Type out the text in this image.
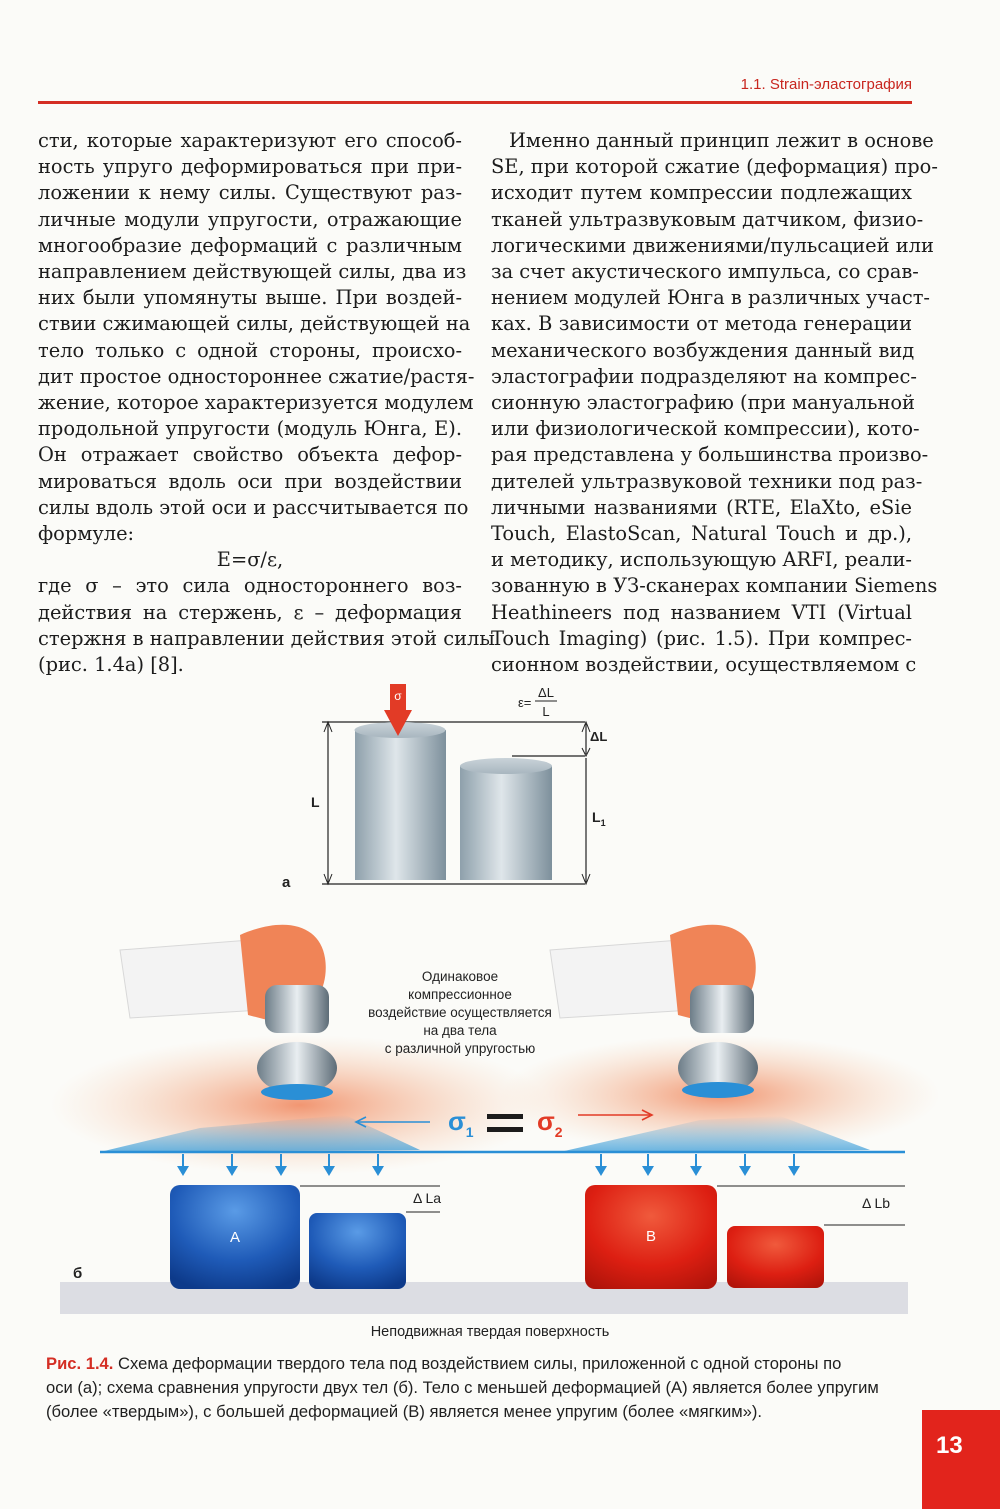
1.1. Strain-эластография
сти, которые характеризуют его способ-
ность упруго деформироваться при при-
ложении к нему силы. Существуют раз-
личные модули упругости, отражающие
многообразие деформаций с различным
направлением действующей силы, два из
них были упомянуты выше. При воздей-
ствии сжимающей силы, действующей на
тело только с одной стороны, происхо-
дит простое одностороннее сжатие/растя-
жение, которое характеризуется модулем
продольной упругости (модуль Юнга, E).
Он отражает свойство объекта дефор-
мироваться вдоль оси при воздействии
силы вдоль этой оси и рассчитывается по
формуле:
E=σ/ε,
где σ – это сила одностороннего воз-
действия на стержень, ε – деформация
стержня в направлении действия этой силы
(рис. 1.4а) [8].
Именно данный принцип лежит в основе
SE, при которой сжатие (деформация) про-
исходит путем компрессии подлежащих
тканей ультразвуковым датчиком, физио-
логическими движениями/пульсацией или
за счет акустического импульса, со срав-
нением модулей Юнга в различных участ-
ках. В зависимости от метода генерации
механического возбуждения данный вид
эластографии подразделяют на компрес-
сионную эластографию (при мануальной
или физиологической компрессии), кото-
рая представлена у большинства произво-
дителей ультразвуковой техники под раз-
личными названиями (RTE, ElaXto, eSie
Touch, ElastoScan, Natural Touch и др.),
и методику, использующую ARFI, реали-
зованную в УЗ-сканерах компании Siemens
Heathineers под названием VTI (Virtual
Touch Imaging) (рис. 1.5). При компрес-
сионном воздействии, осуществляемом с
σ	ε=
ΔL
L
ΔL
L
$L_1$
а
Одинаковое
компрессионное
воздействие осуществляется
на два тела
с различной упругостью
$\sigma_1$ $\sigma_2$
A
Δ La
B
Δ Lb
б
Неподвижная твердая поверхность
Рис. 1.4. Схема деформации твердого тела под воздействием силы, приложенной с одной стороны по
оси (а); схема сравнения упругости двух тел (б). Тело с меньшей деформацией (А) является более упругим
(более «твердым»), с большей деформацией (В) является менее упругим (более «мягким»).
13
